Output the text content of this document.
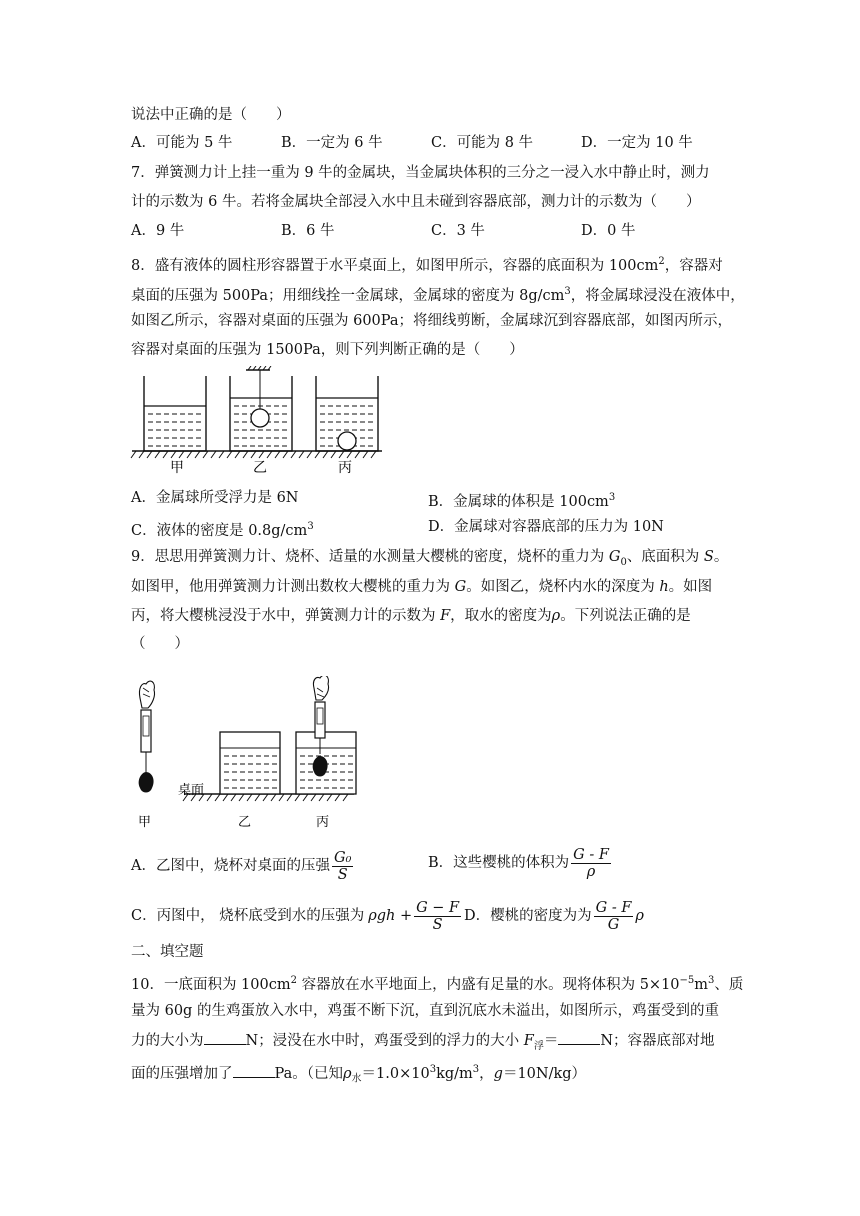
说法中正确的是（　　）
A．可能为 5 牛	B．一定为 6 牛	C．可能为 8 牛	D．一定为 10 牛
7．弹簧测力计上挂一重为 9 牛的金属块，当金属块体积的三分之一浸入水中静止时，测力
计的示数为 6 牛。若将金属块全部浸入水中且未碰到容器底部，测力计的示数为（　　）
A．9 牛	B．6 牛	C．3 牛	D．0 牛
8．盛有液体的圆柱形容器置于水平桌面上，如图甲所示，容器的底面积为 $100cm^2$，容器对
桌面的压强为 500Pa；用细线拴一金属球，金属球的密度为 $8g/cm^3$，将金属球浸没在液体中，
如图乙所示，容器对桌面的压强为 600Pa；将细线剪断，金属球沉到容器底部，如图丙所示，
容器对桌面的压强为 1500Pa，则下列判断正确的是（　　）
甲	乙	丙
A．金属球所受浮力是 6N	B．金属球的体积是 $100cm^3$
C．液体的密度是 $0.8g/cm^3$	D．金属球对容器底部的压力为 10N
9．思思用弹簧测力计、烧杯、适量的水测量大樱桃的密度，烧杯的重力为 $G_0$、底面积为 S。
如图甲，他用弹簧测力计测出数枚大樱桃的重力为 G。如图乙，烧杯内水的深度为 h。如图
丙，将大樱桃浸没于水中，弹簧测力计的示数为 F，取水的密度为ρ。下列说法正确的是
（　　）
桌面
甲	乙	丙
A．乙图中，烧杯对桌面的压强 $\frac{\text{G₀}}{S}$	B．这些樱桃的体积为 $\frac{G - F}{\rho}$
C．丙图中， 烧杯底受到水的压强为 $\rho gh + \frac{G - F}{S}$ D．樱桃的密度为为 $\frac{G - F}{G}$ ρ
二、填空题
10．一底面积为 $100cm^2$ 容器放在水平地面上，内盛有足量的水。现将体积为 $5\times 10^{-5}m^3$、质
量为 60g 的生鸡蛋放入水中，鸡蛋不断下沉，直到沉底水未溢出，如图所示，鸡蛋受到的重
力的大小为	N；浸没在水中时，鸡蛋受到的浮力的大小 $F_浮=$	N；容器底部对地
面的压强增加了	Pa。（已知$\rho_水=1.0\times 10^3kg/m^3$，g＝10N/kg）
